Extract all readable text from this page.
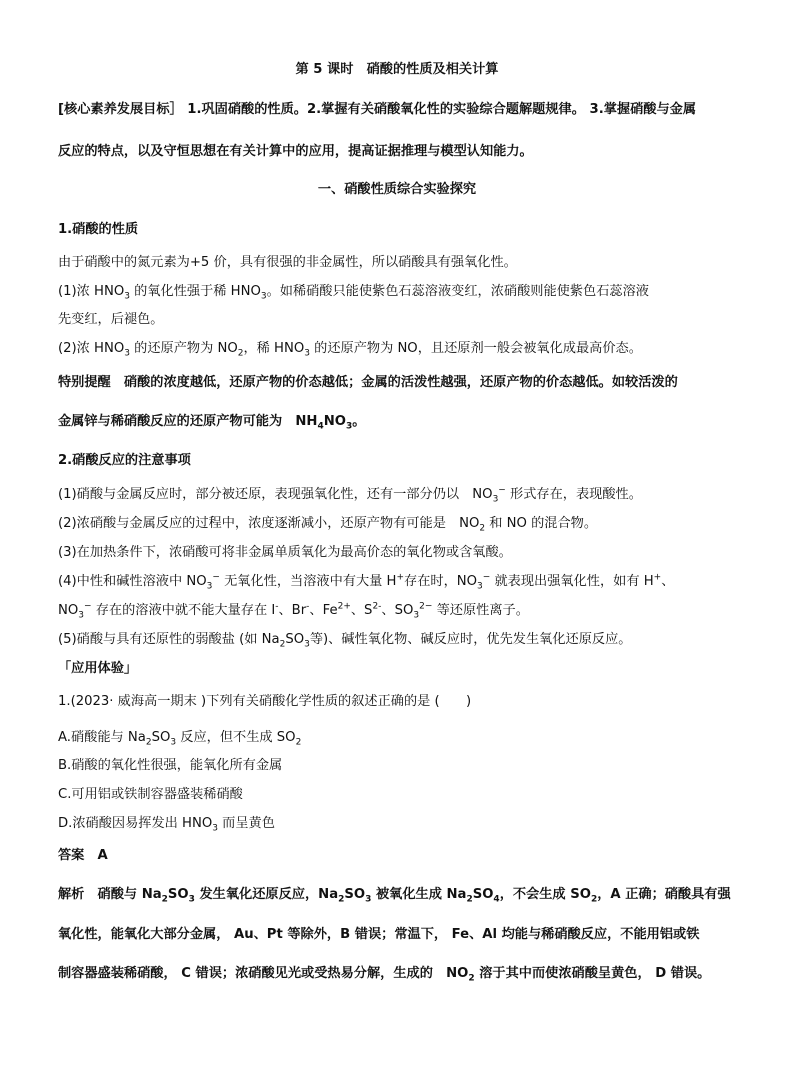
第 5 课时　硝酸的性质及相关计算
[核心素养发展目标］ 1.巩固硝酸的性质。2.掌握有关硝酸氧化性的实验综合题解题规律。 3.掌握硝酸与金属
反应的特点，以及守恒思想在有关计算中的应用，提高证据推理与模型认知能力。
一、硝酸性质综合实验探究
1.硝酸的性质
由于硝酸中的氮元素为+5 价，具有很强的非金属性，所以硝酸具有强氧化性。
(1)浓 $HNO_3$ 的氧化性强于稀 $HNO_3$。如稀硝酸只能使紫色石蕊溶液变红，浓硝酸则能使紫色石蕊溶液
先变红，后褪色。
(2)浓 $HNO_3$ 的还原产物为 $NO_2$，稀 $HNO_3$ 的还原产物为 NO，且还原剂一般会被氧化成最高价态。
特别提醒　硝酸的浓度越低，还原产物的价态越低；金属的活泼性越强，还原产物的价态越低。如较活泼的
金属锌与稀硝酸反应的还原产物可能为　$NH_4NO_3$。
2.硝酸反应的注意事项
(1)硝酸与金属反应时，部分被还原，表现强氧化性，还有一部分仍以　$NO_3^-$ 形式存在，表现酸性。
(2)浓硝酸与金属反应的过程中，浓度逐渐减小，还原产物有可能是　$NO_2$ 和 NO 的混合物。
(3)在加热条件下，浓硝酸可将非金属单质氧化为最高价态的氧化物或含氧酸。
(4)中性和碱性溶液中 $NO_3^-$ 无氧化性，当溶液中有大量 H+存在时，$NO_3^-$ 就表现出强氧化性，如有 H+、
$NO_3^-$ 存在的溶液中就不能大量存在 I-、Br-、$Fe^{2+}$、$S^{2-}$、$SO_3^{2-}$ 等还原性离子。
(5)硝酸与具有还原性的弱酸盐 (如 $Na_2SO_3$等)、碱性氧化物、碱反应时，优先发生氧化还原反应。
「应用体验」
1.(2023· 威海高一期末 )下列有关硝酸化学性质的叙述正确的是 (　　)
A.硝酸能与 $Na_2SO_3$ 反应，但不生成 $SO_2$
B.硝酸的氧化性很强，能氧化所有金属
C.可用铝或铁制容器盛装稀硝酸
D.浓硝酸因易挥发出 $HNO_3$ 而呈黄色
答案　A
解析　硝酸与 $Na_2SO_3$ 发生氧化还原反应，$Na_2SO_3$ 被氧化生成 $Na_2SO_4$，不会生成 $SO_2$，A 正确；硝酸具有强
氧化性，能氧化大部分金属， Au、Pt 等除外，B 错误；常温下， Fe、Al 均能与稀硝酸反应，不能用铝或铁
制容器盛装稀硝酸， C 错误；浓硝酸见光或受热易分解，生成的　$NO_2$ 溶于其中而使浓硝酸呈黄色， D 错误。
